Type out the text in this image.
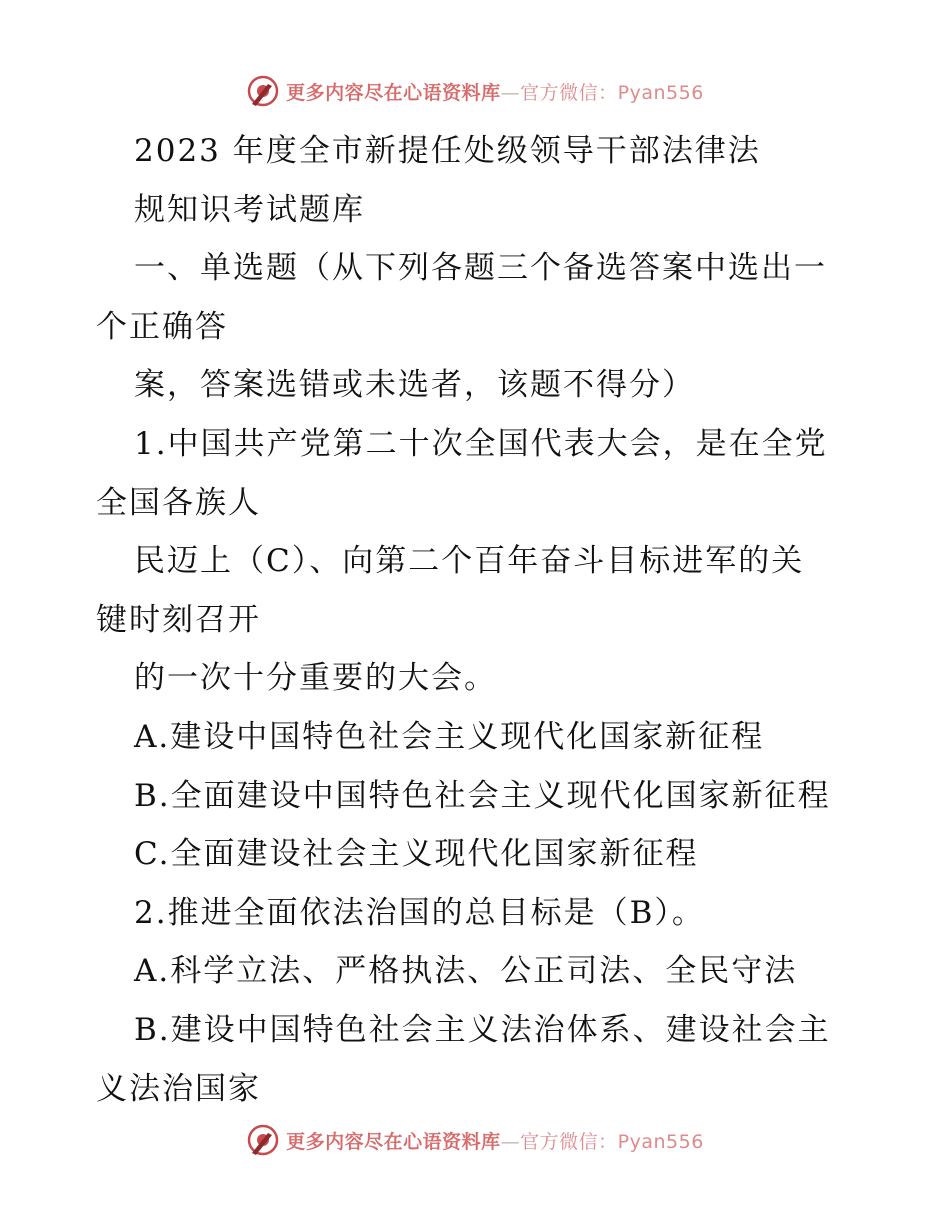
更多内容尽在心语资料库—官方微信：Pyan556
2023 年度全市新提任处级领导干部法律法
规知识考试题库
一、单选题（从下列各题三个备选答案中选出一
个正确答
案，答案选错或未选者，该题不得分）
1.中国共产党第二十次全国代表大会，是在全党
全国各族人
民迈上（C）、向第二个百年奋斗目标进军的关
键时刻召开
的一次十分重要的大会。
A.建设中国特色社会主义现代化国家新征程
B.全面建设中国特色社会主义现代化国家新征程
C.全面建设社会主义现代化国家新征程
2.推进全面依法治国的总目标是（B）。
A.科学立法、严格执法、公正司法、全民守法
B.建设中国特色社会主义法治体系、建设社会主
义法治国家
更多内容尽在心语资料库—官方微信：Pyan556
